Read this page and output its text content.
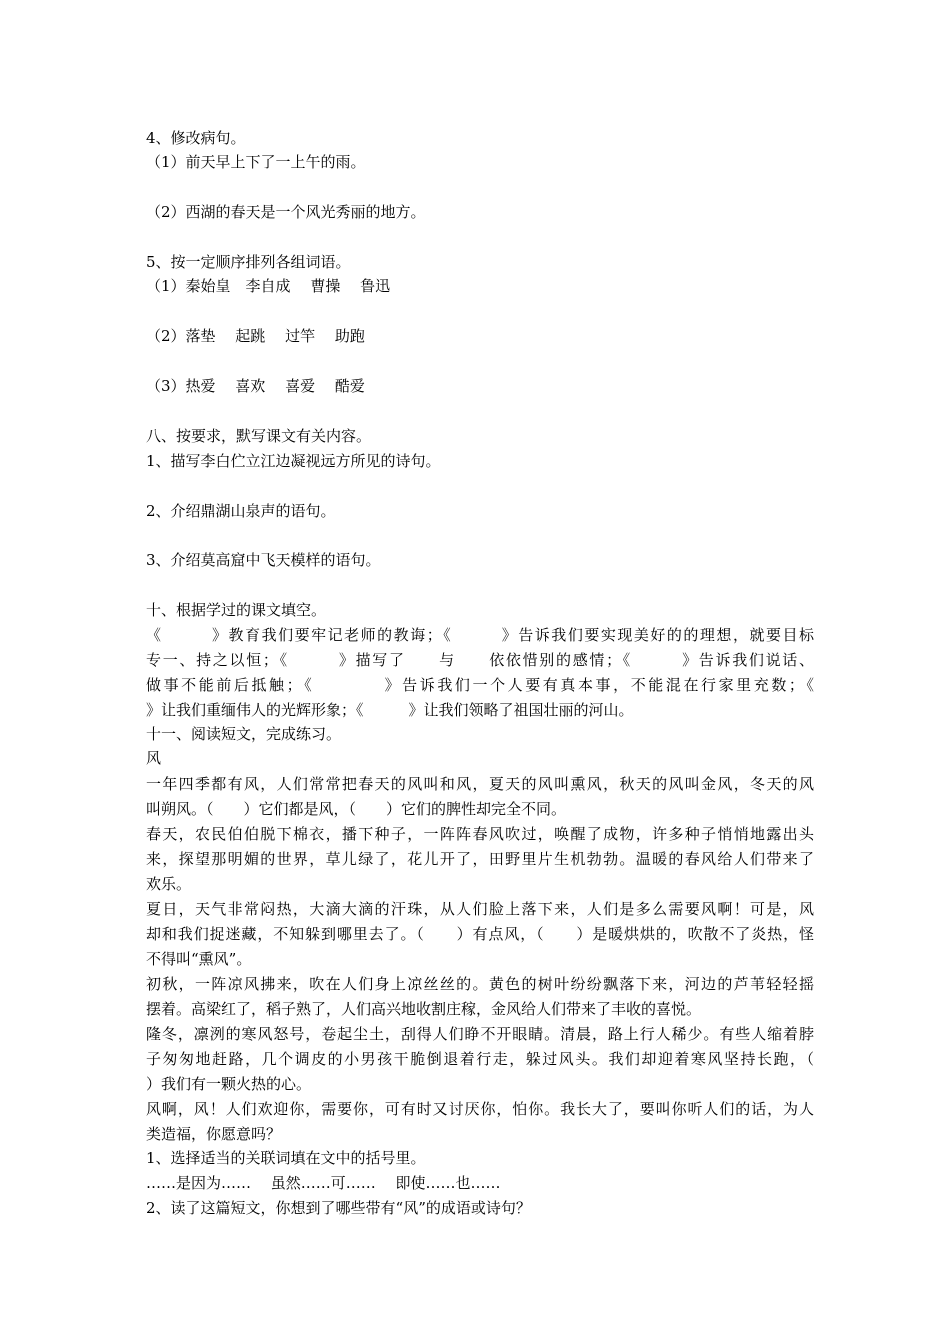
4、修改病句。
（1）前天早上下了一上午的雨。
（2）西湖的春天是一个风光秀丽的地方。
5、按一定顺序排列各组词语。
（1）秦始皇　李自成　 曹操　 鲁迅
（2）落垫　 起跳　 过竿　 助跑
（3）热爱　 喜欢　 喜爱　 酷爱
八、按要求，默写课文有关内容。
1、描写李白伫立江边凝视远方所见的诗句。
2、介绍鼎湖山泉声的语句。
3、介绍莫高窟中飞天模样的语句。
十、根据学过的课文填空。
《　　　》教育我们要牢记老师的教诲；《　　　》告诉我们要实现美好的的理想，就要目标
专一、持之以恒；《　　　》描写了　　与　　依依惜别的感情；《　　　》告诉我们说话、
做事不能前后抵触；《　　　　》告诉我们一个人要有真本事，不能混在行家里充数；《
》让我们重缅伟人的光辉形象；《　　　》让我们领略了祖国壮丽的河山。
十一、阅读短文，完成练习。
风
一年四季都有风，人们常常把春天的风叫和风，夏天的风叫熏风，秋天的风叫金风，冬天的风
叫朔风。（　　）它们都是风，（　　）它们的脾性却完全不同。
春天，农民伯伯脱下棉衣，播下种子，一阵阵春风吹过，唤醒了成物，许多种子悄悄地露出头
来，探望那明媚的世界，草儿绿了，花儿开了，田野里片生机勃勃。温暖的春风给人们带来了
欢乐。
夏日，天气非常闷热，大滴大滴的汗珠，从人们脸上落下来，人们是多么需要风啊！可是，风
却和我们捉迷藏，不知躲到哪里去了。（　　）有点风，（　　）是暖烘烘的，吹散不了炎热，怪
不得叫“熏风”。
初秋，一阵凉风拂来，吹在人们身上凉丝丝的。黄色的树叶纷纷飘落下来，河边的芦苇轻轻摇
摆着。高梁红了，稻子熟了，人们高兴地收割庄稼，金风给人们带来了丰收的喜悦。
隆冬，凛洌的寒风怒号，卷起尘土，刮得人们睁不开眼睛。清晨，路上行人稀少。有些人缩着脖
子匆匆地赶路，几个调皮的小男孩干脆倒退着行走，躲过风头。我们却迎着寒风坚持长跑，（
）我们有一颗火热的心。
风啊，风！人们欢迎你，需要你，可有时又讨厌你，怕你。我长大了，要叫你听人们的话，为人
类造福，你愿意吗？
1、选择适当的关联词填在文中的括号里。
……是因为……　 虽然……可……　 即使……也……
2、读了这篇短文，你想到了哪些带有“风”的成语或诗句？
